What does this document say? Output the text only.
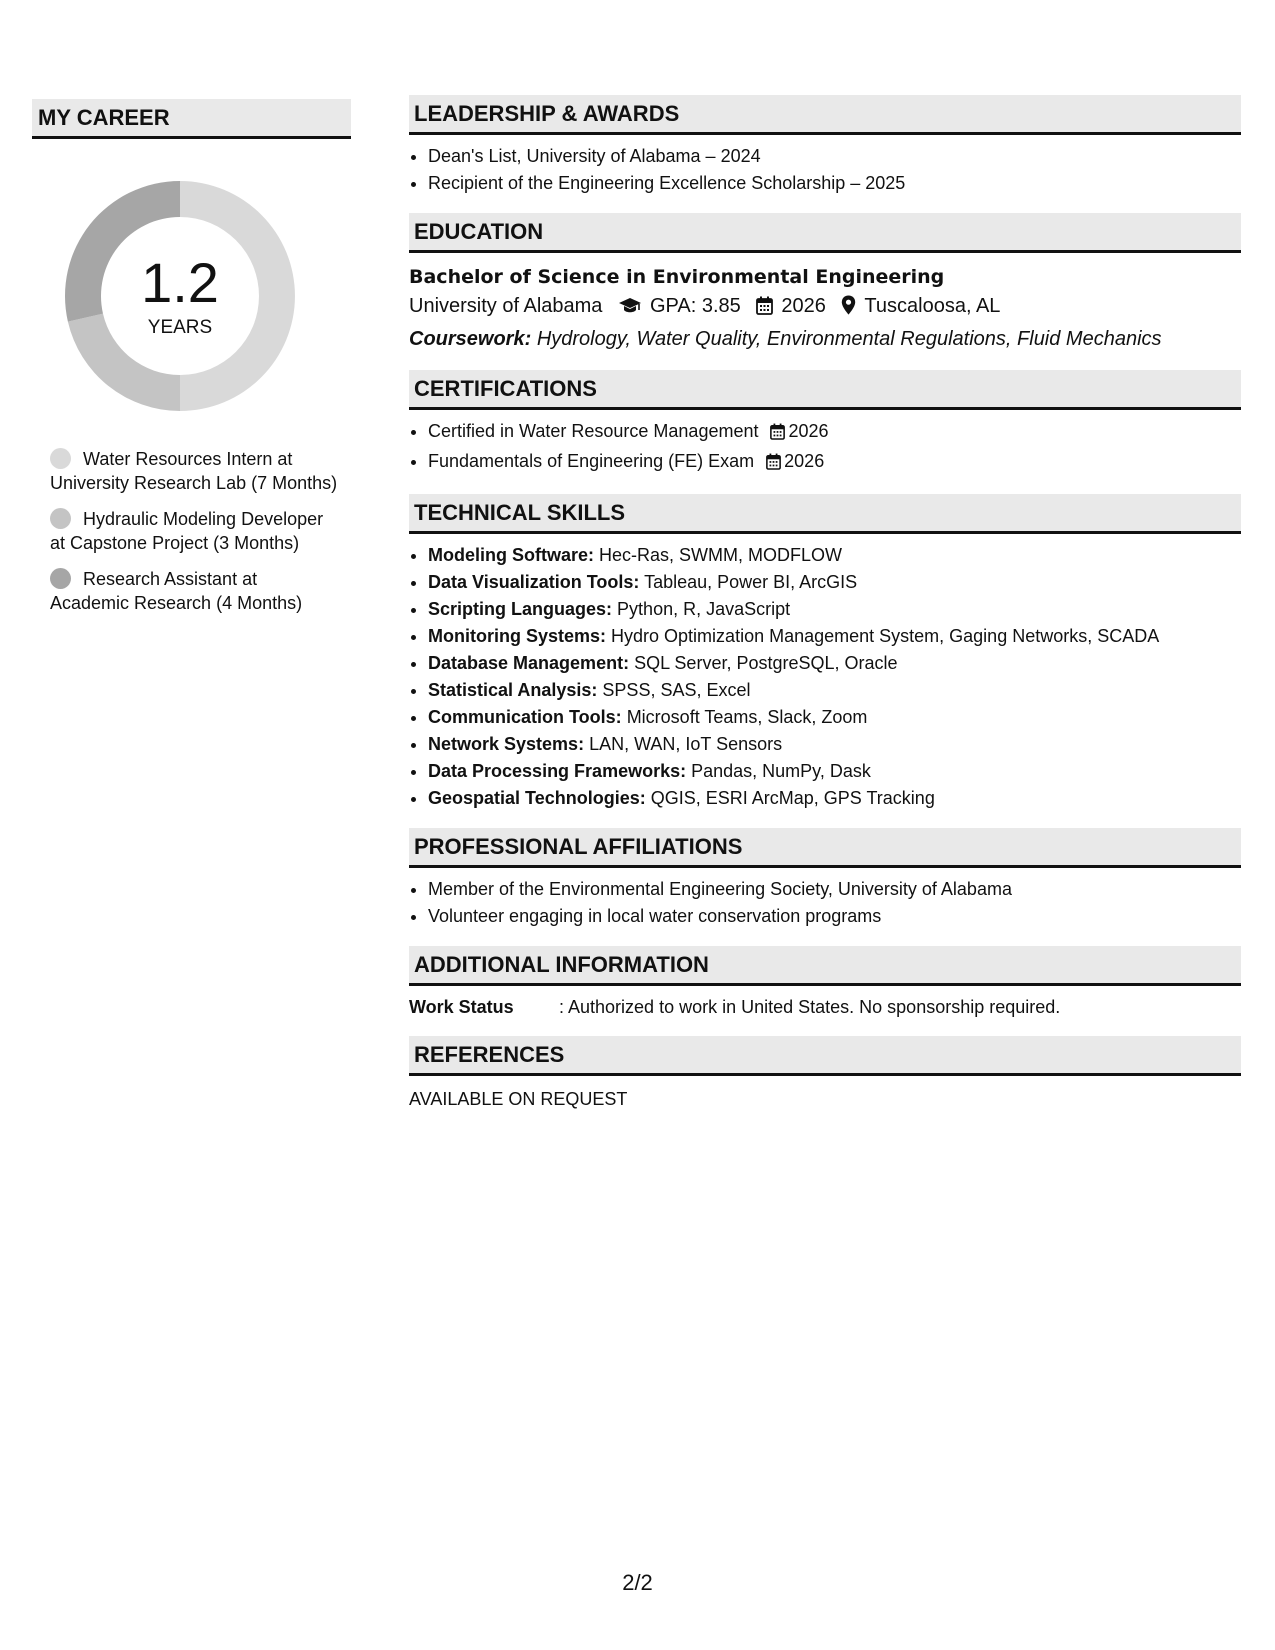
MY CAREER
1.2
YEARS
Water Resources Intern at University Research Lab (7 Months)
Hydraulic Modeling Developer at Capstone Project (3 Months)
Research Assistant at Academic Research (4 Months)
LEADERSHIP & AWARDS
• Dean's List, University of Alabama – 2024
• Recipient of the Engineering Excellence Scholarship – 2025
EDUCATION
Bachelor of Science in Environmental Engineering
University of Alabama GPA: 3.85 2026 Tuscaloosa, AL
Coursework: Hydrology, Water Quality, Environmental Regulations, Fluid Mechanics
CERTIFICATIONS
• Certified in Water Resource Management 2026
• Fundamentals of Engineering (FE) Exam 2026
TECHNICAL SKILLS
• Modeling Software: Hec-Ras, SWMM, MODFLOW
• Data Visualization Tools: Tableau, Power BI, ArcGIS
• Scripting Languages: Python, R, JavaScript
• Monitoring Systems: Hydro Optimization Management System, Gaging Networks, SCADA
• Database Management: SQL Server, PostgreSQL, Oracle
• Statistical Analysis: SPSS, SAS, Excel
• Communication Tools: Microsoft Teams, Slack, Zoom
• Network Systems: LAN, WAN, IoT Sensors
• Data Processing Frameworks: Pandas, NumPy, Dask
• Geospatial Technologies: QGIS, ESRI ArcMap, GPS Tracking
PROFESSIONAL AFFILIATIONS
• Member of the Environmental Engineering Society, University of Alabama
• Volunteer engaging in local water conservation programs
ADDITIONAL INFORMATION
Work Status	: Authorized to work in United States. No sponsorship required.
REFERENCES
AVAILABLE ON REQUEST
2/2
